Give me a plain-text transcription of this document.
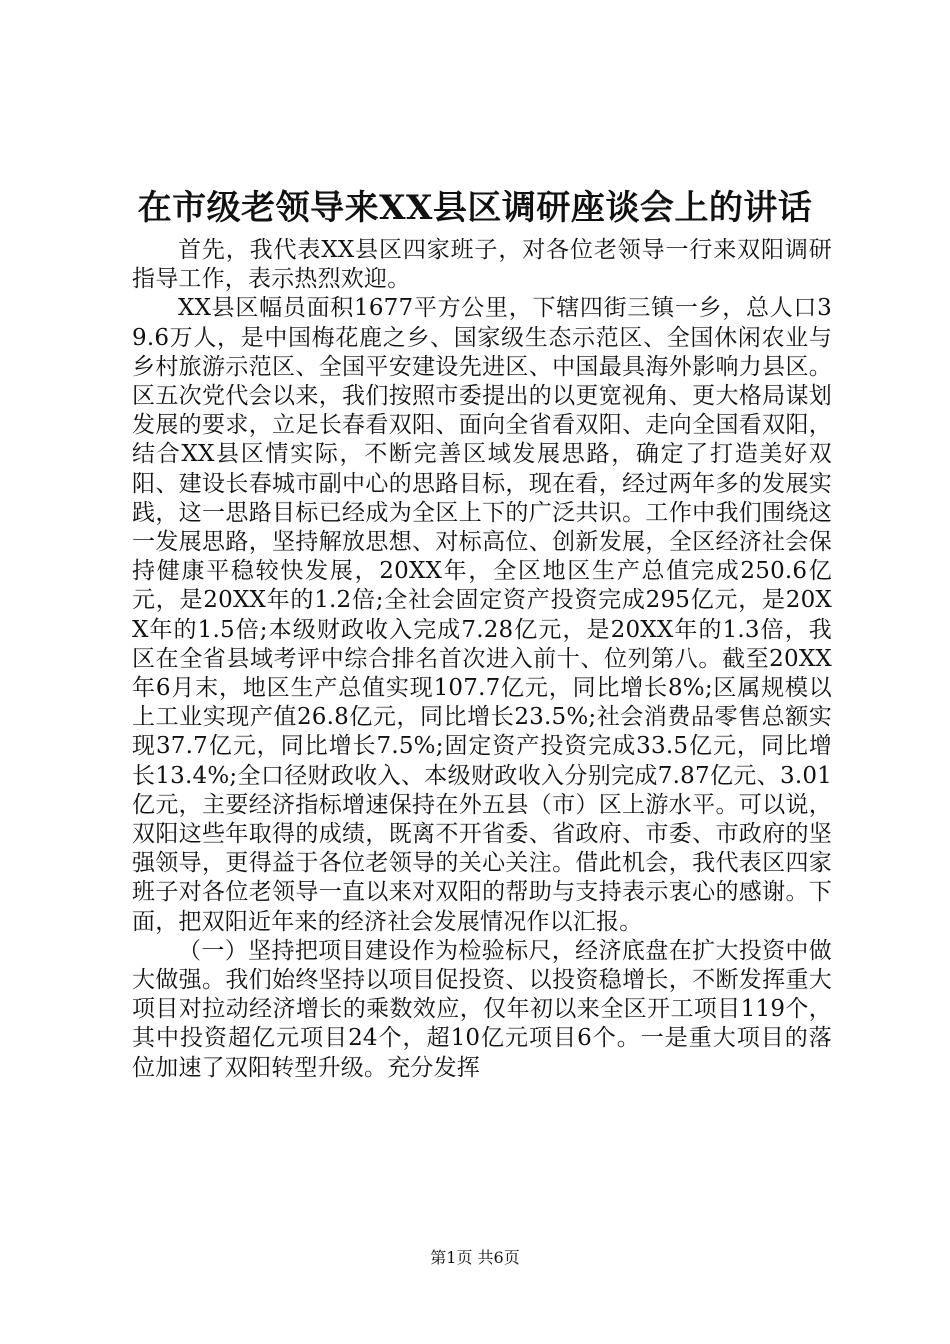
在市级老领导来XX县区调研座谈会上的讲话

首先，我代表XX县区四家班子，对各位老领导一行来双阳调研指导工作，表示热烈欢迎。

XX县区幅员面积1677平方公里，下辖四街三镇一乡，总人口39.6万人，是中国梅花鹿之乡、国家级生态示范区、全国休闲农业与乡村旅游示范区、全国平安建设先进区、中国最具海外影响力县区。区五次党代会以来，我们按照市委提出的以更宽视角、更大格局谋划发展的要求，立足长春看双阳、面向全省看双阳、走向全国看双阳，结合XX县区情实际，不断完善区域发展思路，确定了打造美好双阳、建设长春城市副中心的思路目标，现在看，经过两年多的发展实践，这一思路目标已经成为全区上下的广泛共识。工作中我们围绕这一发展思路，坚持解放思想、对标高位、创新发展，全区经济社会保持健康平稳较快发展，20XX年，全区地区生产总值完成250.6亿元，是20XX年的1.2倍;全社会固定资产投资完成295亿元，是20XX年的1.5倍;本级财政收入完成7.28亿元，是20XX年的1.3倍，我区在全省县域考评中综合排名首次进入前十、位列第八。截至20XX年6月末，地区生产总值实现107.7亿元，同比增长8%;区属规模以上工业实现产值26.8亿元，同比增长23.5%;社会消费品零售总额实现37.7亿元，同比增长7.5%;固定资产投资完成33.5亿元，同比增长13.4%;全口径财政收入、本级财政收入分别完成7.87亿元、3.01亿元，主要经济指标增速保持在外五县（市）区上游水平。可以说，双阳这些年取得的成绩，既离不开省委、省政府、市委、市政府的坚强领导，更得益于各位老领导的关心关注。借此机会，我代表区四家班子对各位老领导一直以来对双阳的帮助与支持表示衷心的感谢。下面，把双阳近年来的经济社会发展情况作以汇报。

（一）坚持把项目建设作为检验标尺，经济底盘在扩大投资中做大做强。我们始终坚持以项目促投资、以投资稳增长，不断发挥重大项目对拉动经济增长的乘数效应，仅年初以来全区开工项目119个，其中投资超亿元项目24个，超10亿元项目6个。一是重大项目的落位加速了双阳转型升级。充分发挥

第1页 共6页
